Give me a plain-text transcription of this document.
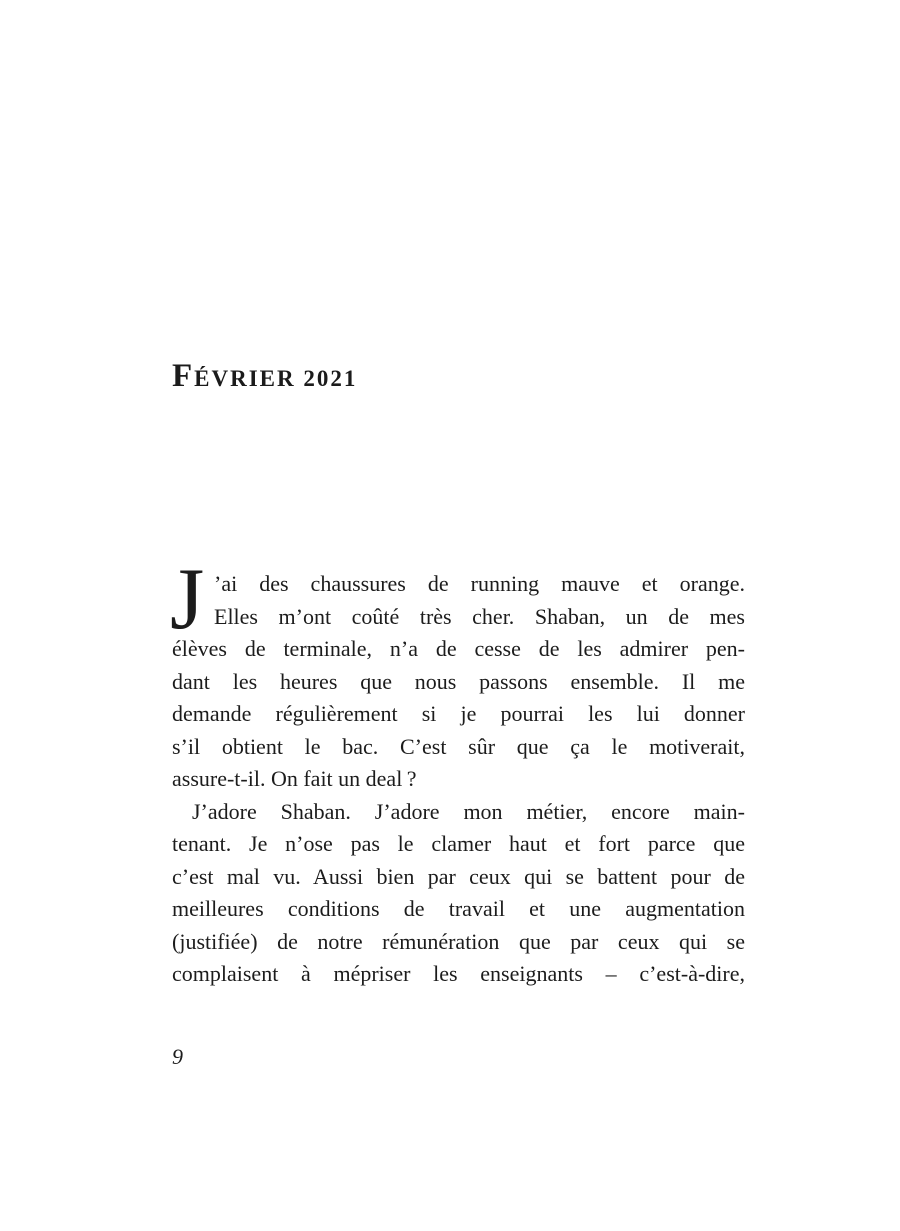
FÉVRIER 2021
J ’ai des chaussures de running mauve et orange.
Elles m’ont coûté très cher. Shaban, un de mes
élèves de terminale, n’a de cesse de les admirer pen-
dant les heures que nous passons ensemble. Il me
demande régulièrement si je pourrai les lui donner
s’il obtient le bac. C’est sûr que ça le motiverait,
assure-t-il. On fait un deal ?
J’adore Shaban. J’adore mon métier, encore main-
tenant. Je n’ose pas le clamer haut et fort parce que
c’est mal vu. Aussi bien par ceux qui se battent pour de
meilleures conditions de travail et une augmentation
(justifiée) de notre rémunération que par ceux qui se
complaisent à mépriser les enseignants – c’est-à-dire,
9
